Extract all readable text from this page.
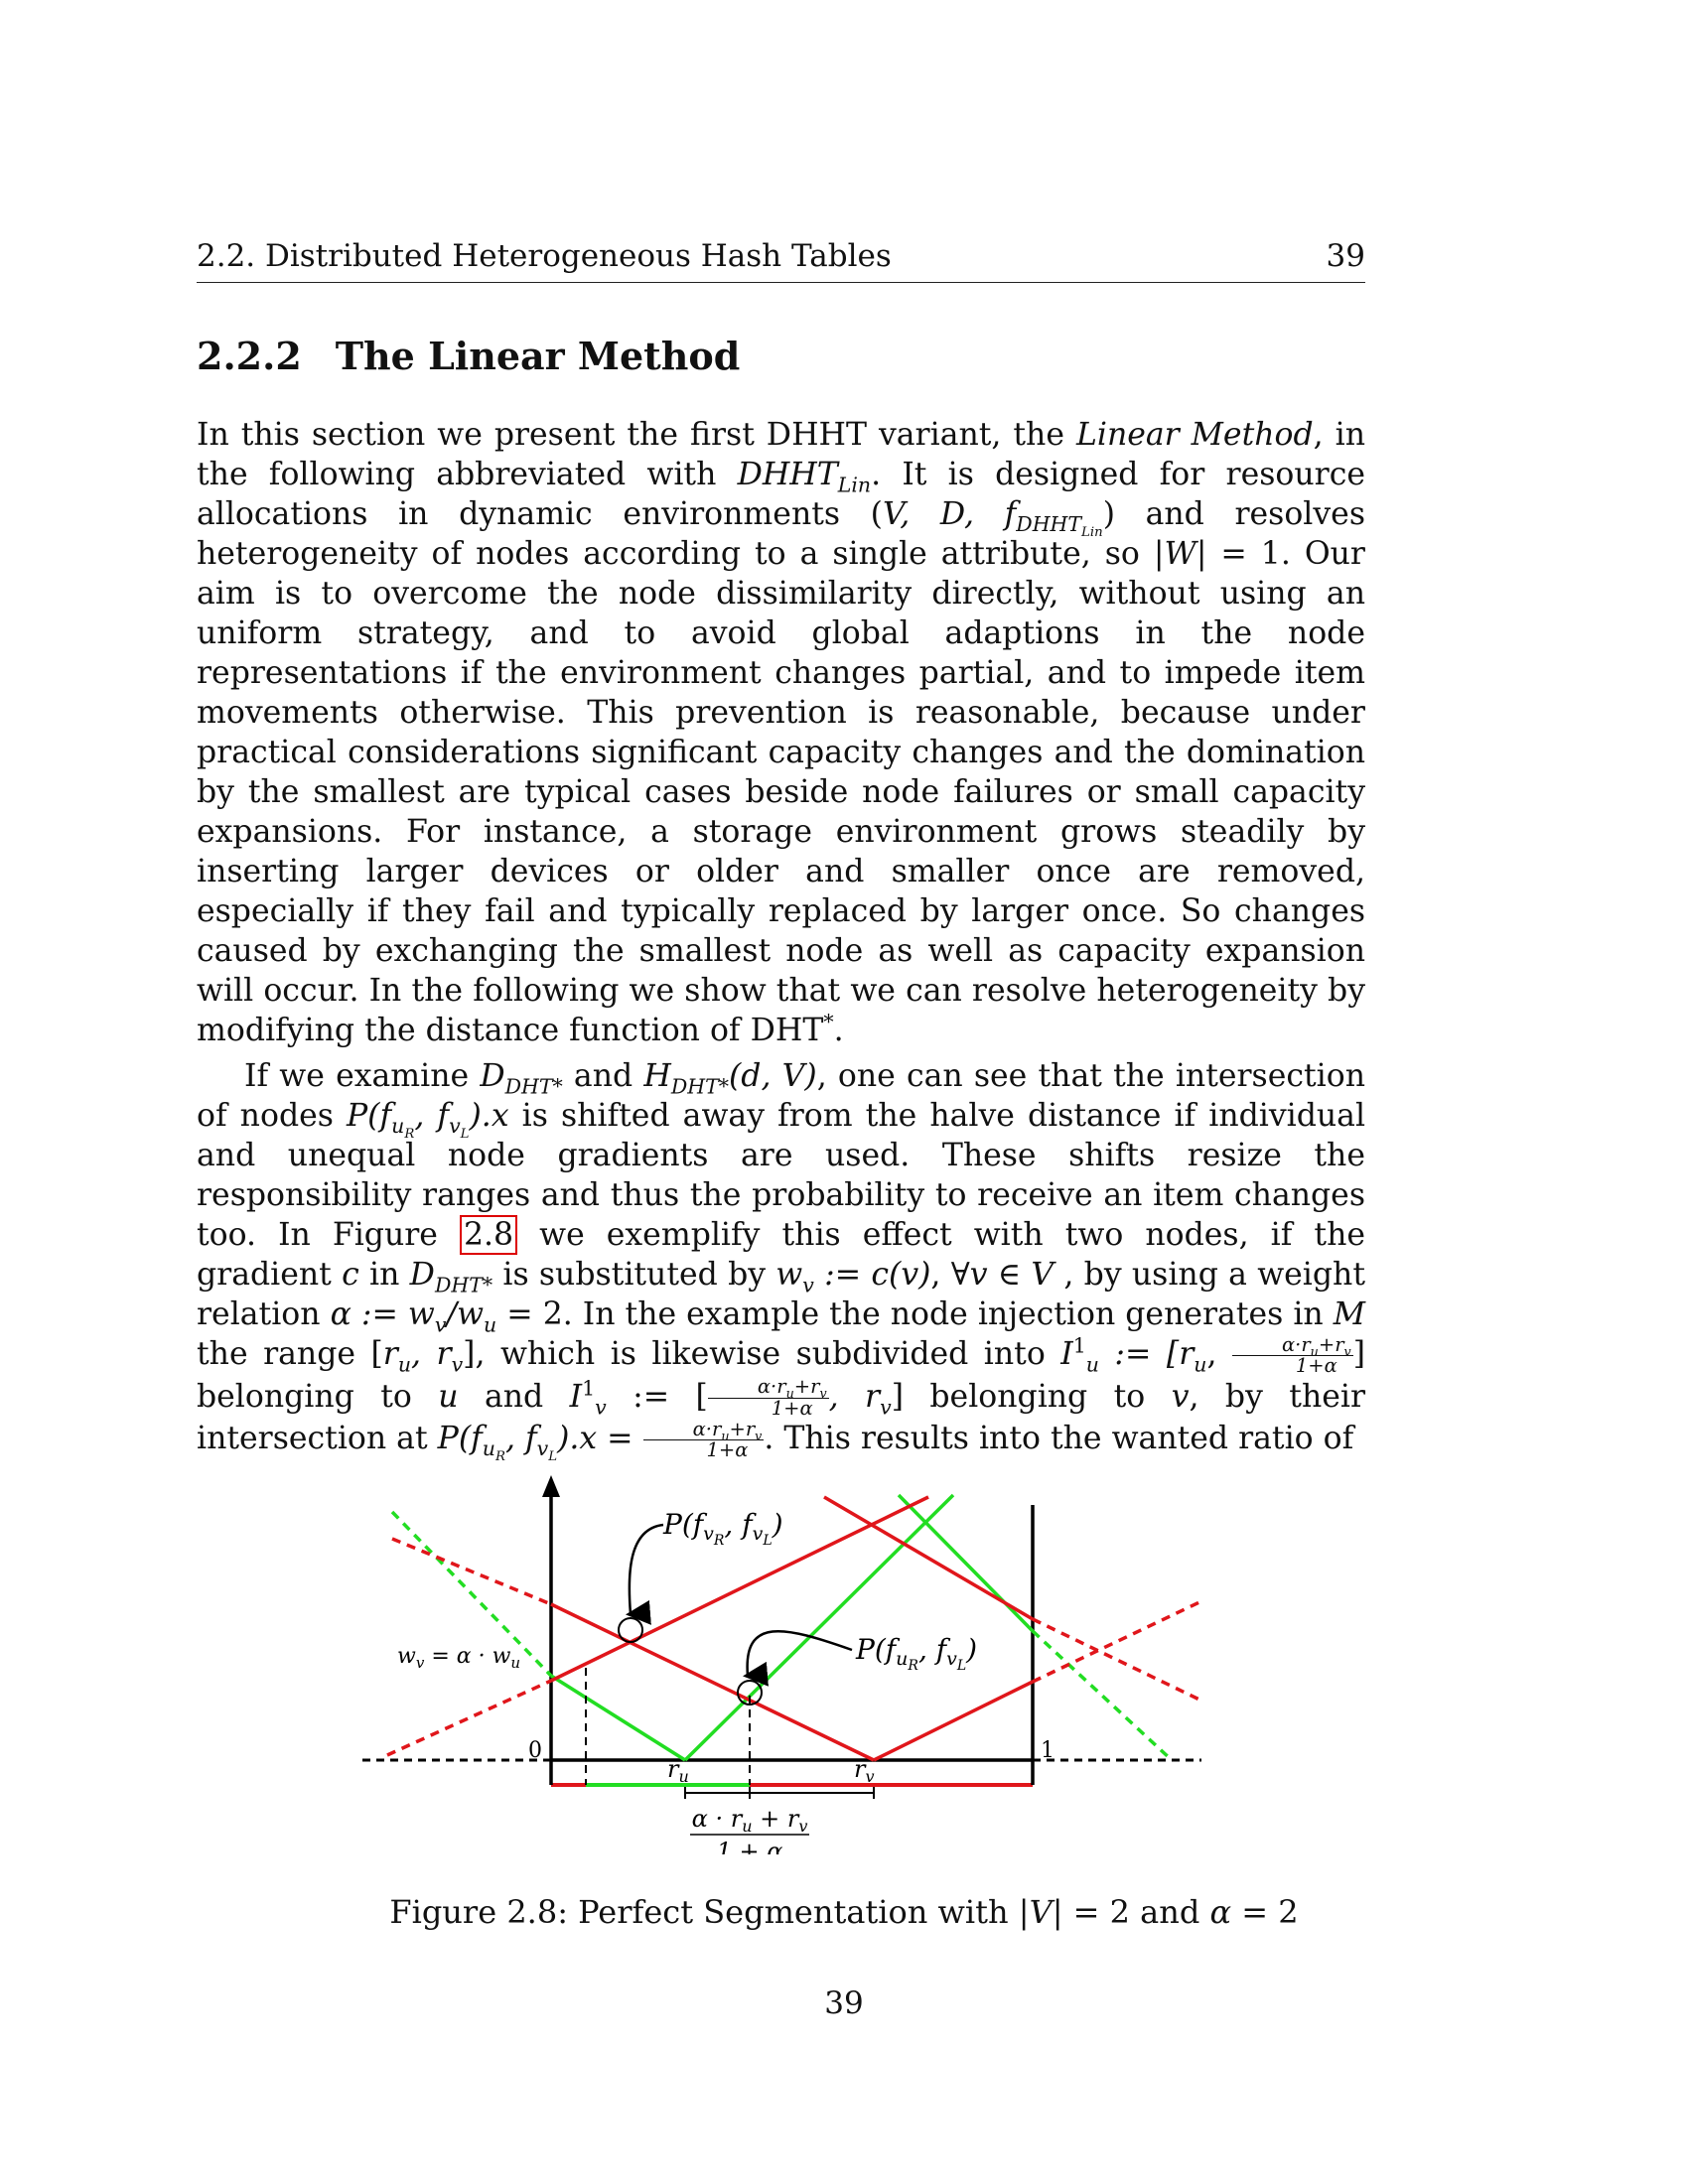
2.2. Distributed Heterogeneous Hash Tables	39
2.2.2 The Linear Method

In this section we present the first DHHT variant, the Linear Method, in the following abbreviated with $DHHT_{Lin}$. It is designed for resource allocations in dynamic environments (V, D, $f_{DHHT_{Lin}}$) and resolves heterogeneity of nodes according to a single attribute, so |W| = 1. Our aim is to overcome the node dissimilarity directly, without using an uniform strategy, and to avoid global adaptions in the node representations if the environment changes partial, and to impede item movements otherwise. This prevention is reasonable, because under practical considerations significant capacity changes and the domination by the smallest are typical cases beside node failures or small capacity expansions. For instance, a storage environment grows steadily by inserting larger devices or older and smaller once are removed, especially if they fail and typically replaced by larger once. So changes caused by exchanging the smallest node as well as capacity expansion will occur. In the following we show that we can resolve heterogeneity by modifying the distance function of DHT*.

If we examine $D_{DHT*}$ and $H_{DHT*}(d$, V), one can see that the intersection of nodes $P(f_{u_R}$, $f_{v_L}).x$ is shifted away from the halve distance if individual and unequal node gradients are used. These shifts resize the responsibility ranges and thus the probability to receive an item changes too. In Figure 2.8 we exemplify this effect with two nodes, if the gradient c in $D_{DHT*}$ is substituted by $w_v$ := c(v), ∀v ∈ V , by using a weight relation α := $w_v/w_u = 2$. In the example the node injection generates in M the range [$r_u$, $r_v$], which is likewise subdivided into $I^1_u$ := [$r_u$, $\frac{\alpha\cdot r_u+r_v}{1+\alpha}$ ] belonging to u and $I^1_v$ := [ $\frac{\alpha\cdot r_u+r_v}{1+\alpha}$ , $r_v$] belonging to v, by their intersection at $P(f_{u_R}$, $f_{v_L}).x = \frac{\alpha\cdot r_u+r_v}{1+\alpha}$ . This results into the wanted ratio of

$P(f_vR$, $f_vL$)
$P(f_uR$, $f_vL$)
$w_v = \alpha \cdot w_u$
0	1
$r_u$	$r_v$
$\alpha \cdot r_u + r_v$
1 + α
Figure 2.8: Perfect Segmentation with |V| = 2 and α = 2
39
